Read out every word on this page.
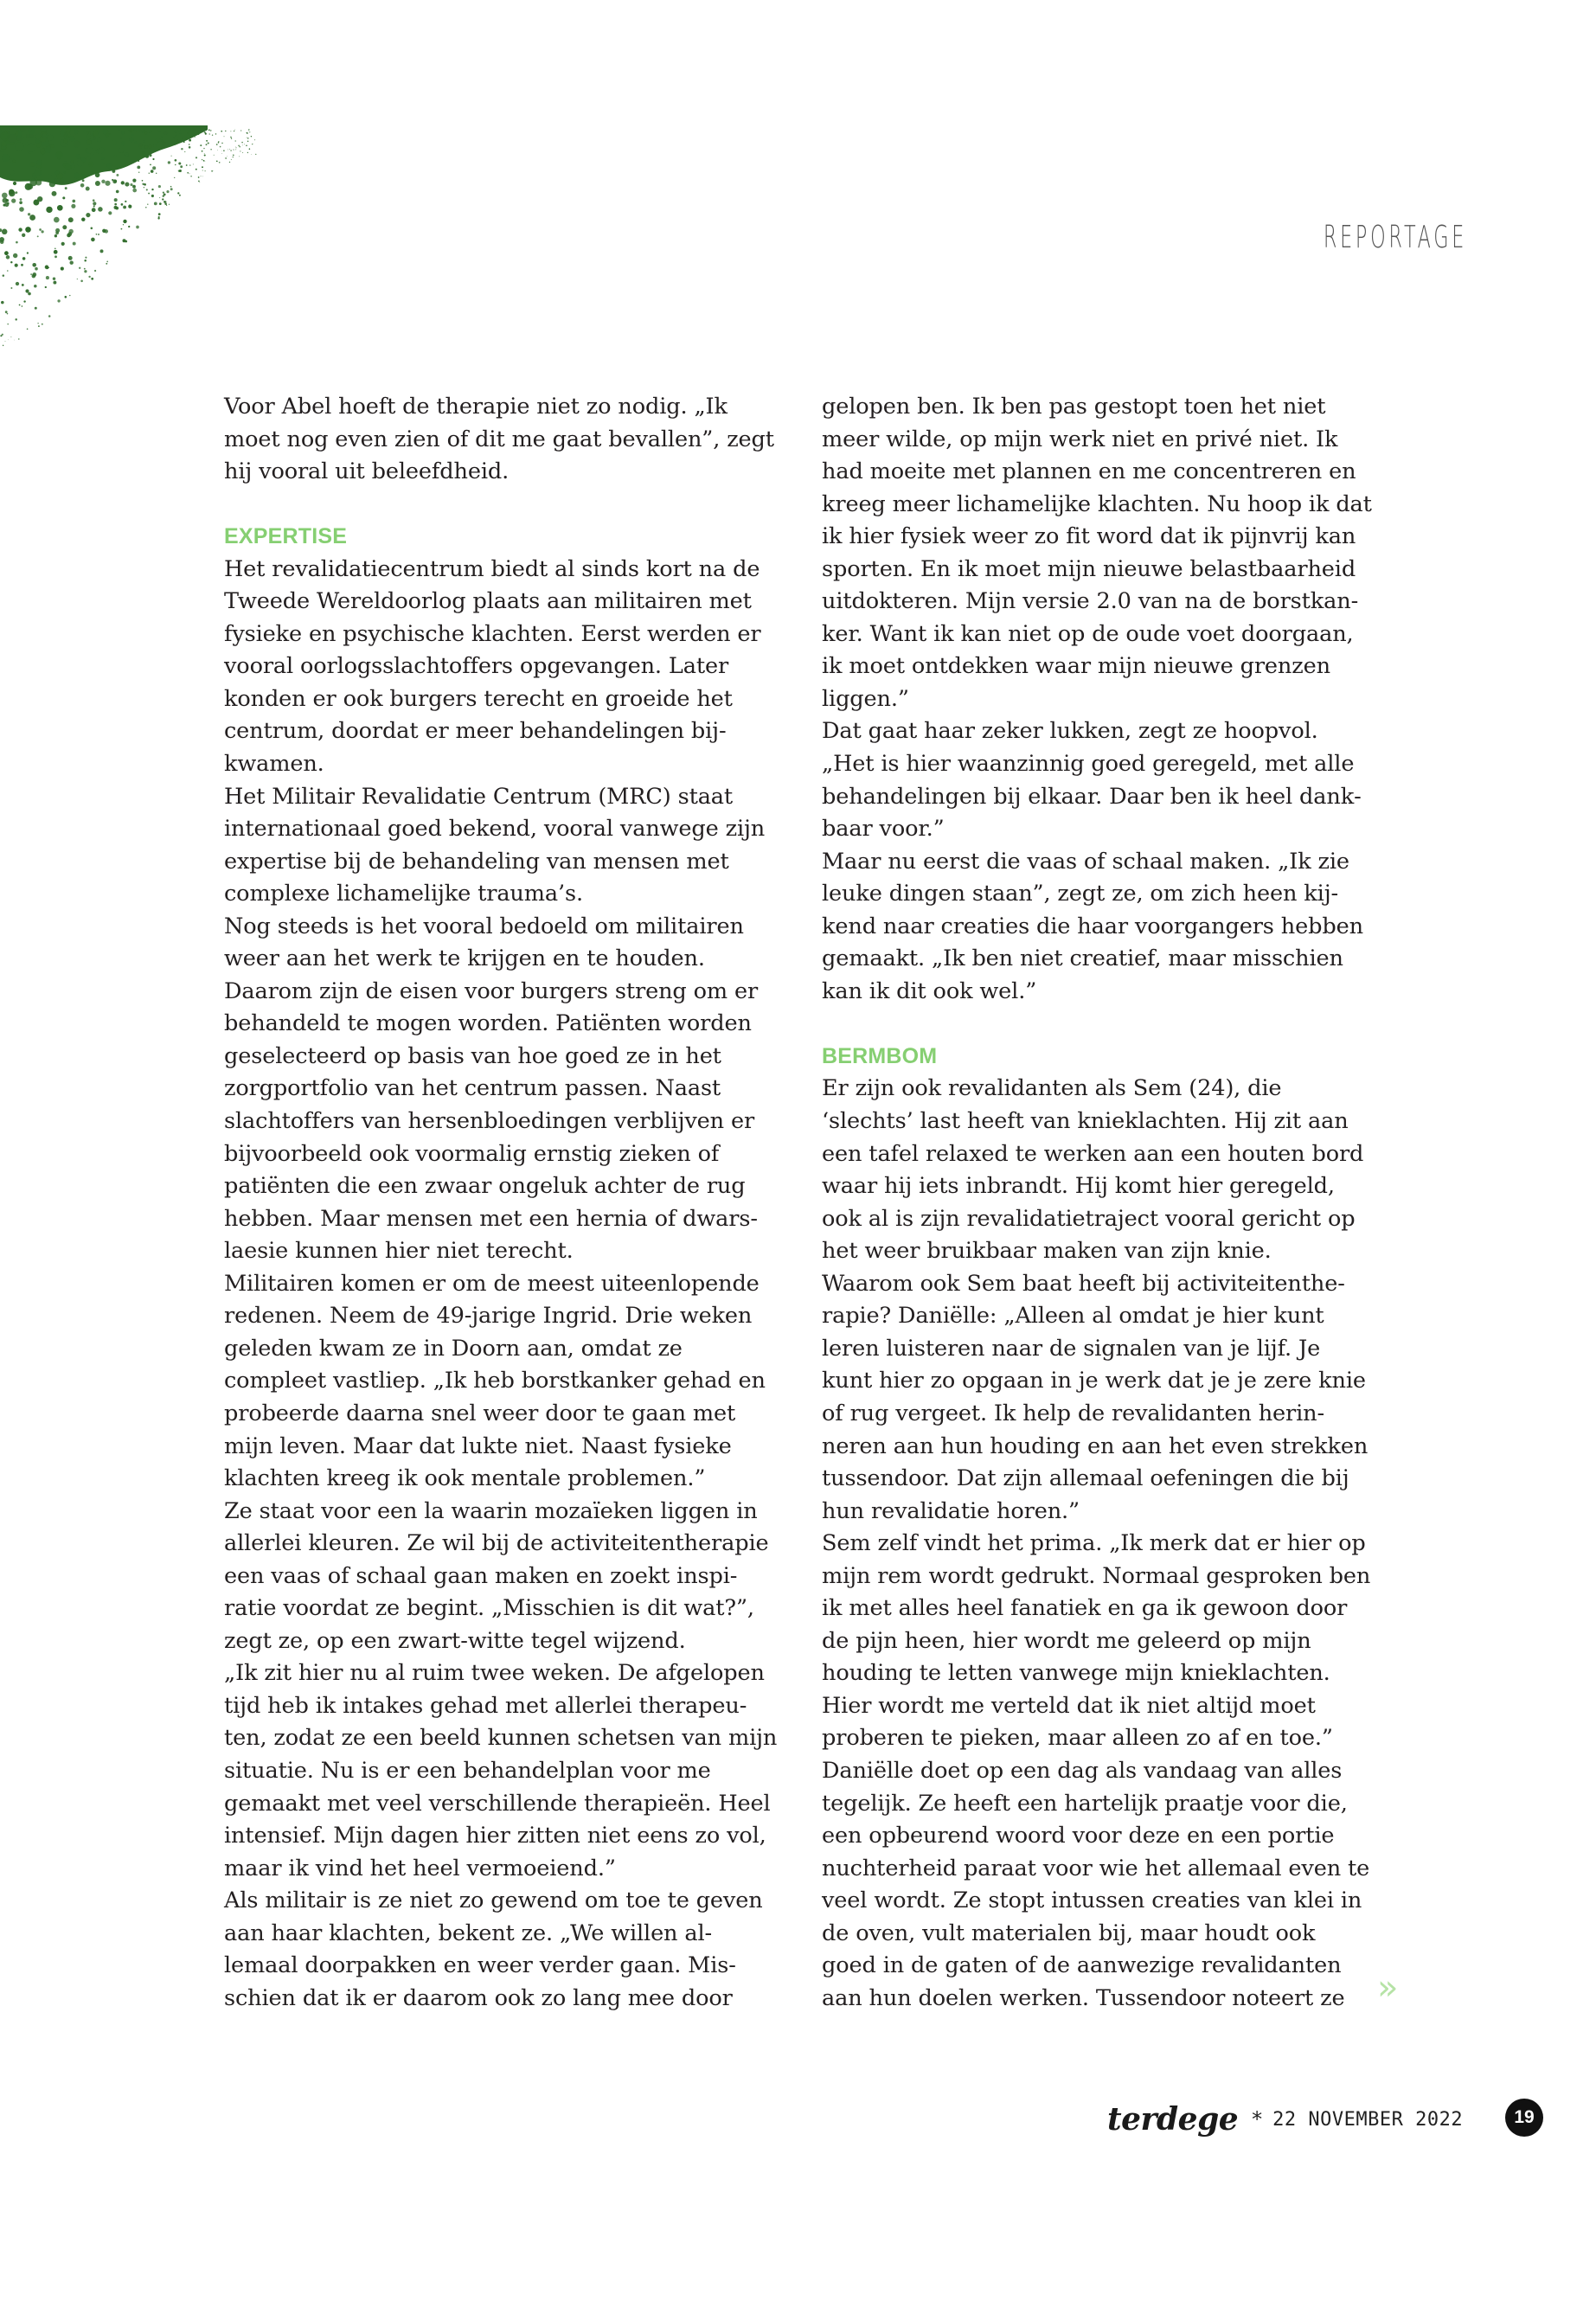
REPORTAGE

Voor Abel hoeft de therapie niet zo nodig. „Ik moet nog even zien of dit me gaat bevallen”, zegt hij vooral uit beleefdheid.

EXPERTISE

Het revalidatiecentrum biedt al sinds kort na de Tweede Wereldoorlog plaats aan militairen met fysieke en psychische klachten. Eerst werden er vooral oorlogsslachtoffers opgevangen. Later konden er ook burgers terecht en groeide het centrum, doordat er meer behandelingen bijkwamen.

Het Militair Revalidatie Centrum (MRC) staat internationaal goed bekend, vooral vanwege zijn expertise bij de behandeling van mensen met complexe lichamelijke trauma’s.

Nog steeds is het vooral bedoeld om militairen weer aan het werk te krijgen en te houden. Daarom zijn de eisen voor burgers streng om er behandeld te mogen worden. Patiënten worden geselecteerd op basis van hoe goed ze in het zorgportfolio van het centrum passen. Naast slachtoffers van hersenbloedingen verblijven er bijvoorbeeld ook voormalig ernstig zieken of patiënten die een zwaar ongeluk achter de rug hebben. Maar mensen met een hernia of dwarslaesie kunnen hier niet terecht.

Militairen komen er om de meest uiteenlopende redenen. Neem de 49-jarige Ingrid. Drie weken geleden kwam ze in Doorn aan, omdat ze compleet vastliep. „Ik heb borstkanker gehad en probeerde daarna snel weer door te gaan met mijn leven. Maar dat lukte niet. Naast fysieke klachten kreeg ik ook mentale problemen.”

Ze staat voor een la waarin mozaïeken liggen in allerlei kleuren. Ze wil bij de activiteitentherapie een vaas of schaal gaan maken en zoekt inspiratie voordat ze begint. „Misschien is dit wat?”, zegt ze, op een zwart-witte tegel wijzend.

„Ik zit hier nu al ruim twee weken. De afgelopen tijd heb ik intakes gehad met allerlei therapeuten, zodat ze een beeld kunnen schetsen van mijn situatie. Nu is er een behandelplan voor me gemaakt met veel verschillende therapieën. Heel intensief. Mijn dagen hier zitten niet eens zo vol, maar ik vind het heel vermoeiend.”

Als militair is ze niet zo gewend om toe te geven aan haar klachten, bekent ze. „We willen allemaal doorpakken en weer verder gaan. Misschien dat ik er daarom ook zo lang mee door

gelopen ben. Ik ben pas gestopt toen het niet meer wilde, op mijn werk niet en privé niet. Ik had moeite met plannen en me concentreren en kreeg meer lichamelijke klachten. Nu hoop ik dat ik hier fysiek weer zo fit word dat ik pijnvrij kan sporten. En ik moet mijn nieuwe belastbaarheid uitdokteren. Mijn versie 2.0 van na de borstkanker. Want ik kan niet op de oude voet doorgaan, ik moet ontdekken waar mijn nieuwe grenzen liggen.”

Dat gaat haar zeker lukken, zegt ze hoopvol. „Het is hier waanzinnig goed geregeld, met alle behandelingen bij elkaar. Daar ben ik heel dankbaar voor.”

Maar nu eerst die vaas of schaal maken. „Ik zie leuke dingen staan”, zegt ze, om zich heen kijkend naar creaties die haar voorgangers hebben gemaakt. „Ik ben niet creatief, maar misschien kan ik dit ook wel.”

BERMBOM

Er zijn ook revalidanten als Sem (24), die ‘slechts’ last heeft van knieklachten. Hij zit aan een tafel relaxed te werken aan een houten bord waar hij iets inbrandt. Hij komt hier geregeld, ook al is zijn revalidatietraject vooral gericht op het weer bruikbaar maken van zijn knie.

Waarom ook Sem baat heeft bij activiteitentherapie? Daniëlle: „Alleen al omdat je hier kunt leren luisteren naar de signalen van je lijf. Je kunt hier zo opgaan in je werk dat je je zere knie of rug vergeet. Ik help de revalidanten herinneren aan hun houding en aan het even strekken tussendoor. Dat zijn allemaal oefeningen die bij hun revalidatie horen.”

Sem zelf vindt het prima. „Ik merk dat er hier op mijn rem wordt gedrukt. Normaal gesproken ben ik met alles heel fanatiek en ga ik gewoon door de pijn heen, hier wordt me geleerd op mijn houding te letten vanwege mijn knieklachten. Hier wordt me verteld dat ik niet altijd moet proberen te pieken, maar alleen zo af en toe.”

Daniëlle doet op een dag als vandaag van alles tegelijk. Ze heeft een hartelijk praatje voor die, een opbeurend woord voor deze en een portie nuchterheid paraat voor wie het allemaal even te veel wordt. Ze stopt intussen creaties van klei in de oven, vult materialen bij, maar houdt ook goed in de gaten of de aanwezige revalidanten aan hun doelen werken. Tussendoor noteert ze »
terdege * 22 NOVEMBER 2022	19
